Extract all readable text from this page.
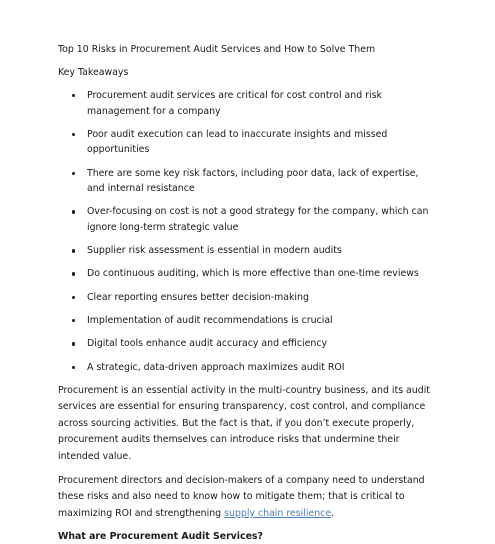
Top 10 Risks in Procurement Audit Services and How to Solve Them
Key Takeaways
Procurement audit services are critical for cost control and risk management for a company
Poor audit execution can lead to inaccurate insights and missed opportunities
There are some key risk factors, including poor data, lack of expertise, and internal resistance
Over-focusing on cost is not a good strategy for the company, which can ignore long-term strategic value
Supplier risk assessment is essential in modern audits
Do continuous auditing, which is more effective than one-time reviews
Clear reporting ensures better decision-making
Implementation of audit recommendations is crucial
Digital tools enhance audit accuracy and efficiency
A strategic, data-driven approach maximizes audit ROI

Procurement is an essential activity in the multi-country business, and its audit services are essential for ensuring transparency, cost control, and compliance across sourcing activities. But the fact is that, if you don’t execute properly, procurement audits themselves can introduce risks that undermine their intended value.

Procurement directors and decision-makers of a company need to understand these risks and also need to know how to mitigate them; that is critical to maximizing ROI and strengthening supply chain resilience.

What are Procurement Audit Services?
